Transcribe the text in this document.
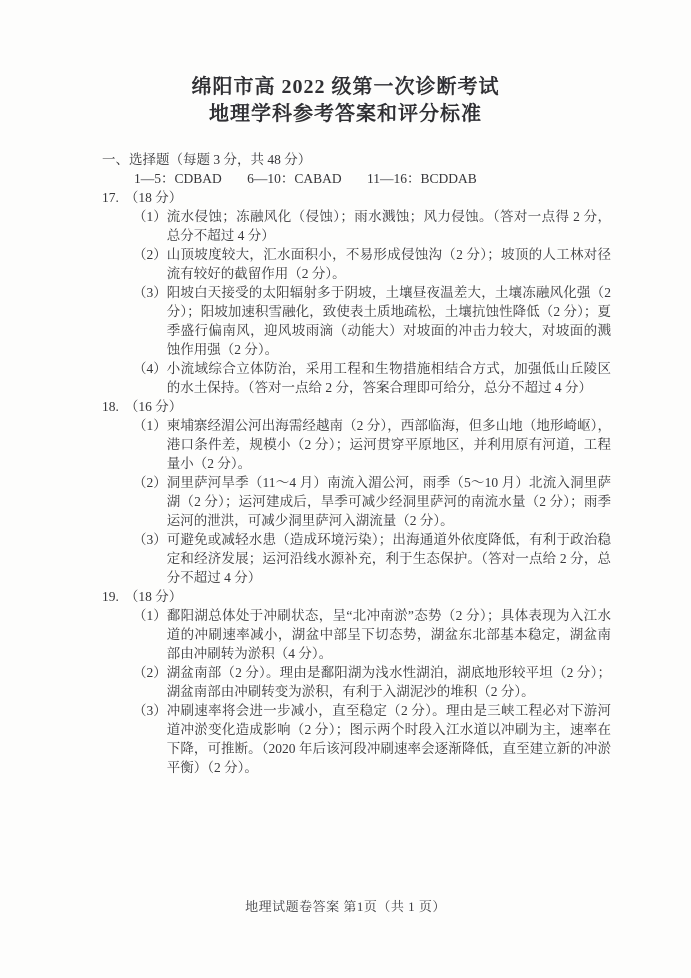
绵阳市高 2022 级第一次诊断考试
地理学科参考答案和评分标准
一、选择题（每题 3 分，共 48 分）
1—5：CDBAD 6—10：CABAD 11—16：BCDDAB
17. （18 分）
（1） 流水侵蚀；冻融风化（侵蚀）；雨水溅蚀；风力侵蚀。（答对一点得 2 分，总分不超过 4 分）
（2） 山顶坡度较大，汇水面积小，不易形成侵蚀沟（2 分）；坡顶的人工林对径流有较好的截留作用（2 分）。
（3） 阳坡白天接受的太阳辐射多于阴坡，土壤昼夜温差大，土壤冻融风化强（2 分）；阳坡加速积雪融化，致使表土质地疏松，土壤抗蚀性降低（2 分）；夏季盛行偏南风，迎风坡雨滴（动能大）对坡面的冲击力较大，对坡面的溅蚀作用强（2 分）。
（4） 小流域综合立体防治，采用工程和生物措施相结合方式，加强低山丘陵区的水土保持。（答对一点给 2 分，答案合理即可给分，总分不超过 4 分）
18. （16 分）
（1） 柬埔寨经湄公河出海需经越南（2 分），西部临海，但多山地（地形崎岖），港口条件差，规模小（2 分）；运河贯穿平原地区，并利用原有河道，工程量小（2 分）。
（2） 洞里萨河旱季（11～4 月）南流入湄公河，雨季（5～10 月）北流入洞里萨湖（2 分）；运河建成后，旱季可减少经洞里萨河的南流水量（2 分）；雨季运河的泄洪，可减少洞里萨河入湖流量（2 分）。
（3） 可避免或减轻水患（造成环境污染）；出海通道外依度降低，有利于政治稳定和经济发展；运河沿线水源补充，利于生态保护。（答对一点给 2 分，总分不超过 4 分）
19. （18 分）
（1） 鄱阳湖总体处于冲刷状态，呈“北冲南淤”态势（2 分）；具体表现为入江水道的冲刷速率减小，湖盆中部呈下切态势，湖盆东北部基本稳定，湖盆南部由冲刷转为淤积（4 分）。
（2） 湖盆南部（2 分）。理由是鄱阳湖为浅水性湖泊，湖底地形较平坦（2 分）；湖盆南部由冲刷转变为淤积，有利于入湖泥沙的堆积（2 分）。
（3） 冲刷速率将会进一步减小，直至稳定（2 分）。理由是三峡工程必对下游河道冲淤变化造成影响（2 分）；图示两个时段入江水道以冲刷为主，速率在下降，可推断。（2020 年后该河段冲刷速率会逐渐降低，直至建立新的冲淤平衡）（2 分）。
地理试题卷答案 第1页（共 1 页）
